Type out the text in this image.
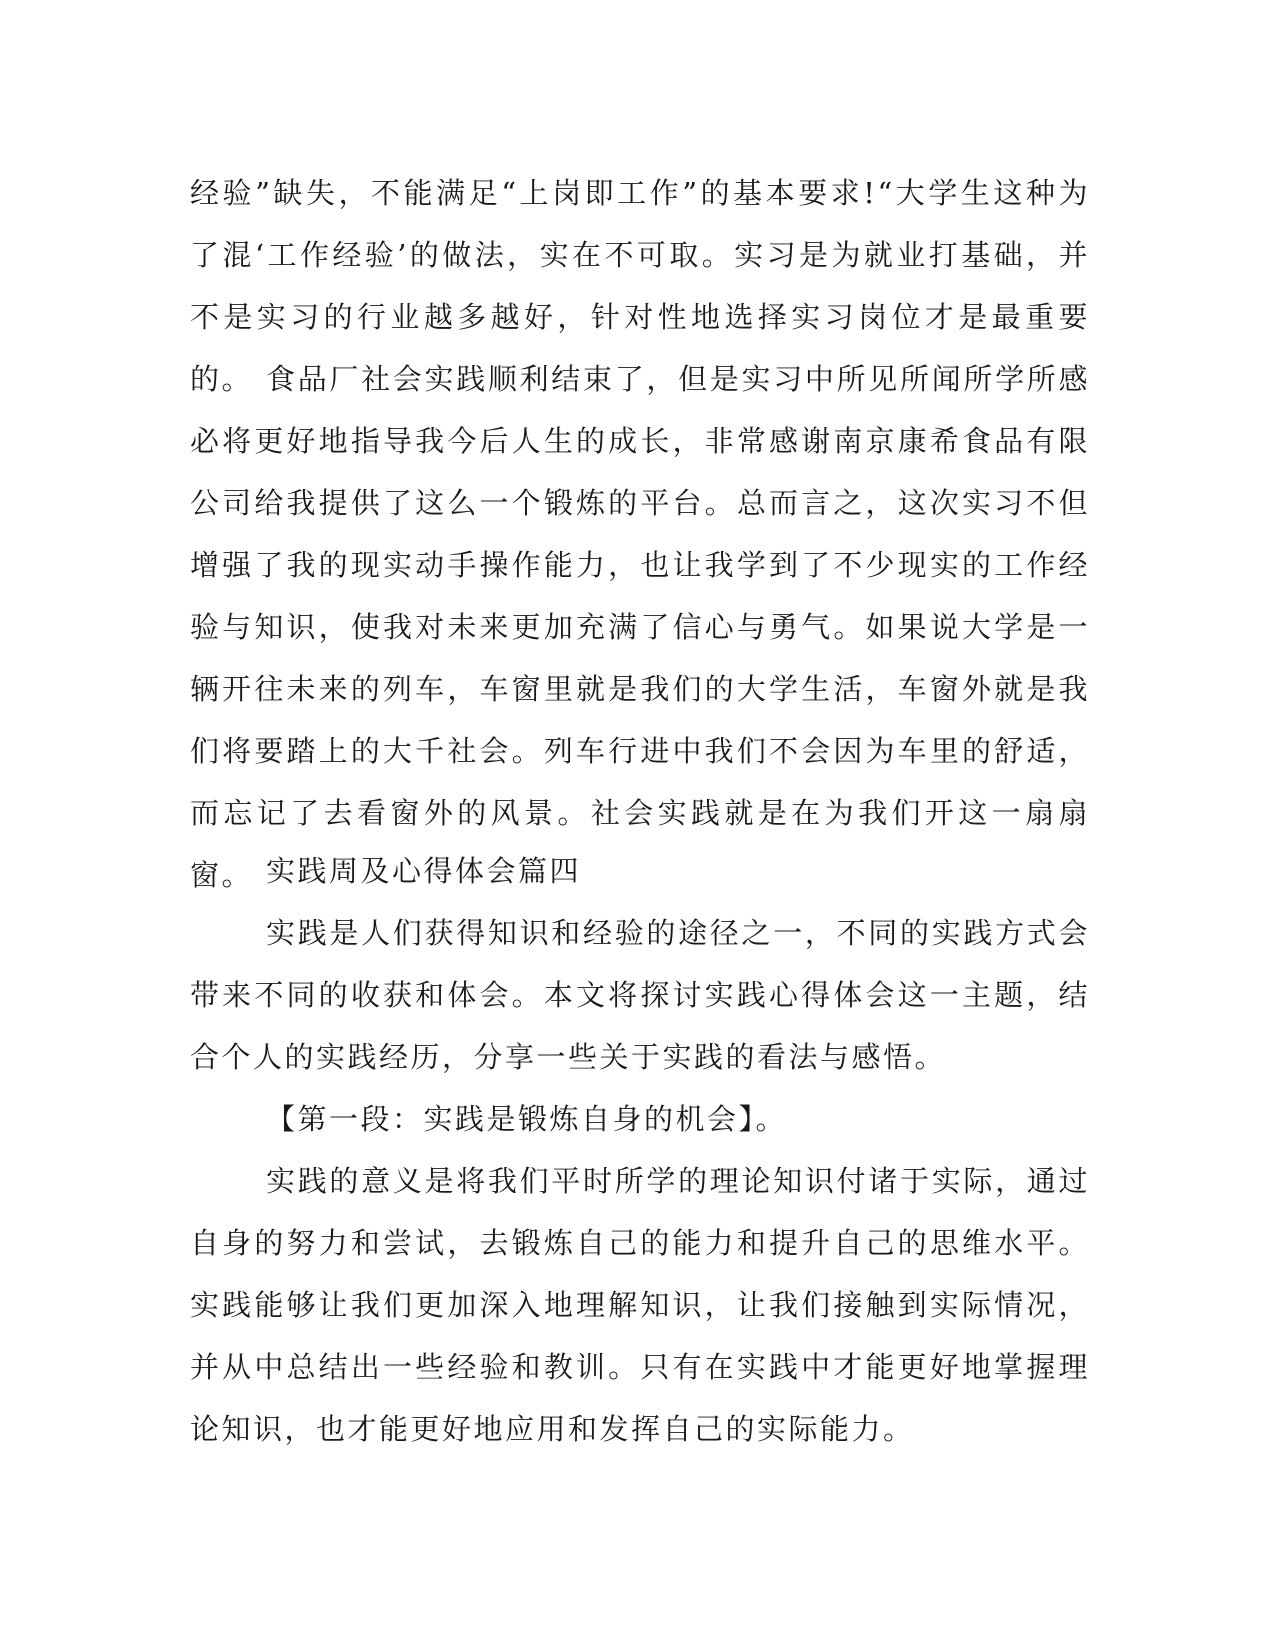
经验”缺失，不能满足“上岗即工作”的基本要求!“大学生这种为了混‘工作经验’的做法，实在不可取。实习是为就业打基础，并不是实习的行业越多越好，针对性地选择实习岗位才是最重要的。 食品厂社会实践顺利结束了，但是实习中所见所闻所学所感必将更好地指导我今后人生的成长，非常感谢南京康希食品有限公司给我提供了这么一个锻炼的平台。总而言之，这次实习不但增强了我的现实动手操作能力，也让我学到了不少现实的工作经验与知识，使我对未来更加充满了信心与勇气。如果说大学是一辆开往未来的列车，车窗里就是我们的大学生活，车窗外就是我们将要踏上的大千社会。列车行进中我们不会因为车里的舒适，而忘记了去看窗外的风景。社会实践就是在为我们开这一扇扇窗。 实践周及心得体会篇四

实践是人们获得知识和经验的途径之一，不同的实践方式会带来不同的收获和体会。本文将探讨实践心得体会这一主题，结合个人的实践经历，分享一些关于实践的看法与感悟。

【第一段：实践是锻炼自身的机会】。

实践的意义是将我们平时所学的理论知识付诸于实际，通过自身的努力和尝试，去锻炼自己的能力和提升自己的思维水平。实践能够让我们更加深入地理解知识，让我们接触到实际情况，并从中总结出一些经验和教训。只有在实践中才能更好地掌握理论知识，也才能更好地应用和发挥自己的实际能力。
